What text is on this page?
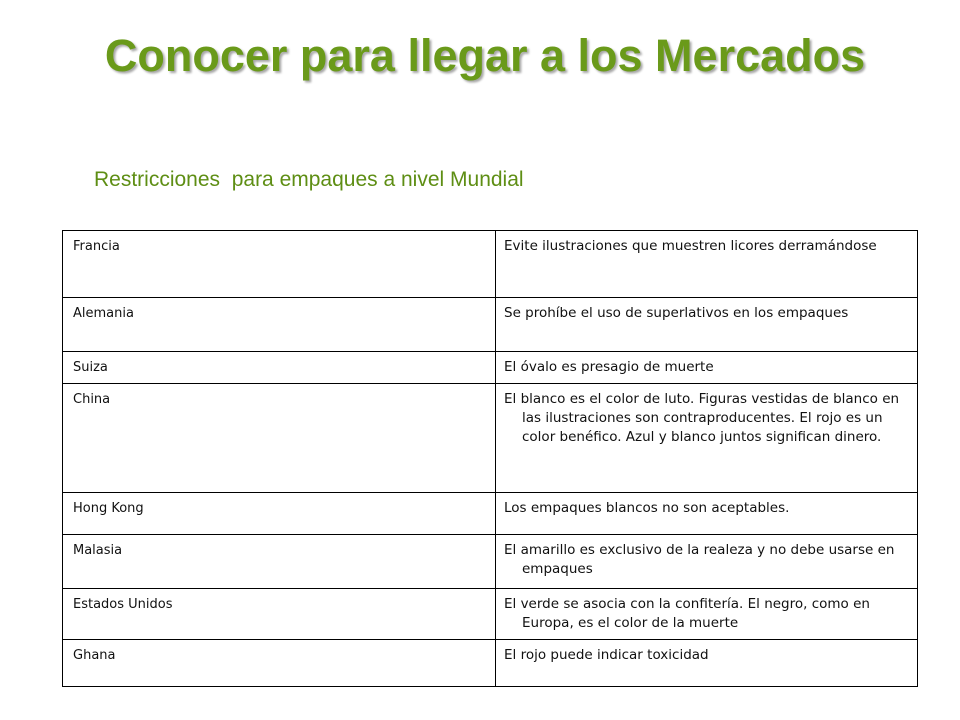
Conocer para llegar a los Mercados
Restricciones  para empaques a nivel Mundial
Francia	Evite ilustraciones que muestren licores derramándose
Alemania	Se prohíbe el uso de superlativos en los empaques
Suiza	El óvalo es presagio de muerte
China	El blanco es el color de luto. Figuras vestidas de blanco en las ilustraciones son contraproducentes. El rojo es un color benéfico. Azul y blanco juntos significan dinero.
Hong Kong	Los empaques blancos no son aceptables.
Malasia	El amarillo es exclusivo de la realeza y no debe usarse en empaques
Estados Unidos	El verde se asocia con la confitería. El negro, como en Europa, es el color de la muerte
Ghana	El rojo puede indicar toxicidad
